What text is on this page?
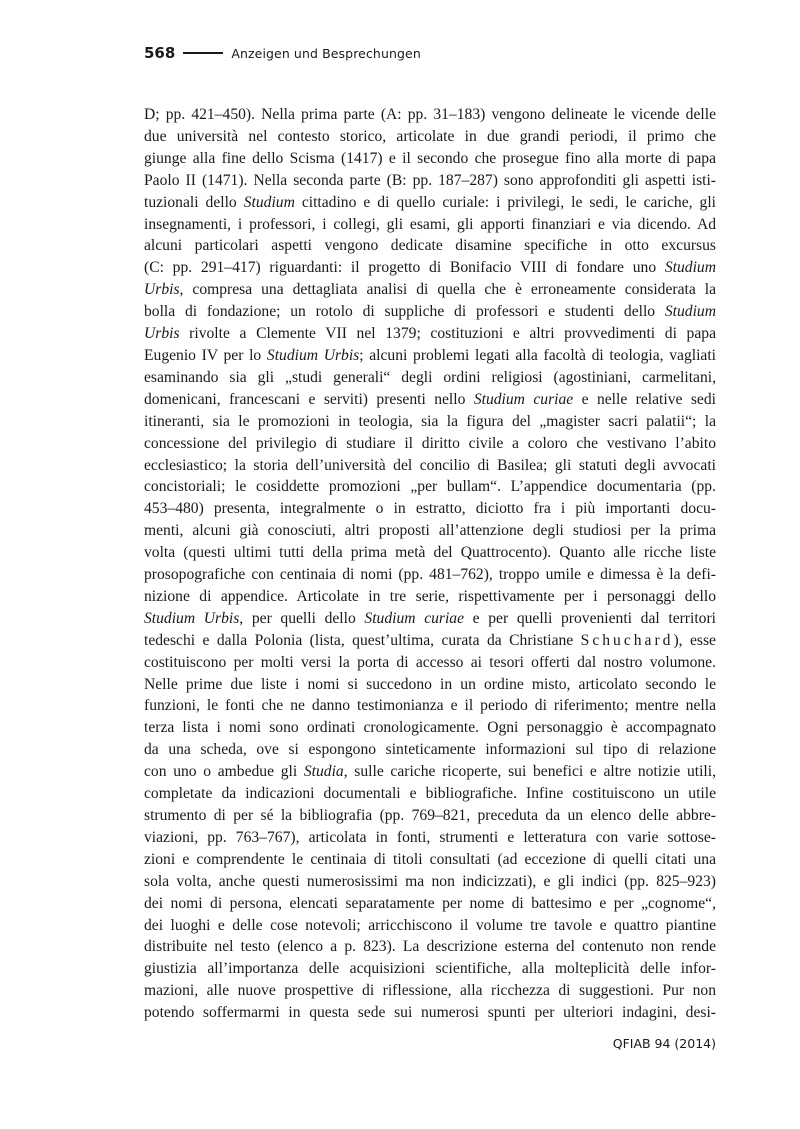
568	Anzeigen und Besprechungen
D; pp. 421–450). Nella prima parte (A: pp. 31–183) vengono delineate le vicende delle
due università nel contesto storico, articolate in due grandi periodi, il primo che
giunge alla fine dello Scisma (1417) e il secondo che prosegue fino alla morte di papa
Paolo II (1471). Nella seconda parte (B: pp. 187–287) sono approfonditi gli aspetti isti-
tuzionali dello Studium cittadino e di quello curiale: i privilegi, le sedi, le cariche, gli
insegnamenti, i professori, i collegi, gli esami, gli apporti finanziari e via dicendo. Ad
alcuni particolari aspetti vengono dedicate disamine specifiche in otto excursus
(C: pp. 291–417) riguardanti: il progetto di Bonifacio VIII di fondare uno Studium
Urbis, compresa una dettagliata analisi di quella che è erroneamente considerata la
bolla di fondazione; un rotolo di suppliche di professori e studenti dello Studium
Urbis rivolte a Clemente VII nel 1379; costituzioni e altri provvedimenti di papa
Eugenio IV per lo Studium Urbis; alcuni problemi legati alla facoltà di teologia, vagliati
esaminando sia gli „studi generali“ degli ordini religiosi (agostiniani, carmelitani,
domenicani, francescani e serviti) presenti nello Studium curiae e nelle relative sedi
itineranti, sia le promozioni in teologia, sia la figura del „magister sacri palatii“; la
concessione del privilegio di studiare il diritto civile a coloro che vestivano l’abito
ecclesiastico; la storia dell’università del concilio di Basilea; gli statuti degli avvocati
concistoriali; le cosiddette promozioni „per bullam“. L’appendice documentaria (pp.
453–480) presenta, integralmente o in estratto, diciotto fra i più importanti docu-
menti, alcuni già conosciuti, altri proposti all’attenzione degli studiosi per la prima
volta (questi ultimi tutti della prima metà del Quattrocento). Quanto alle ricche liste
prosopografiche con centinaia di nomi (pp. 481–762), troppo umile e dimessa è la defi-
nizione di appendice. Articolate in tre serie, rispettivamente per i personaggi dello
Studium Urbis, per quelli dello Studium curiae e per quelli provenienti dal territori
tedeschi e dalla Polonia (lista, quest’ultima, curata da Christiane Schuchard), esse
costituiscono per molti versi la porta di accesso ai tesori offerti dal nostro volumone.
Nelle prime due liste i nomi si succedono in un ordine misto, articolato secondo le
funzioni, le fonti che ne danno testimonianza e il periodo di riferimento; mentre nella
terza lista i nomi sono ordinati cronologicamente. Ogni personaggio è accompagnato
da una scheda, ove si espongono sinteticamente informazioni sul tipo di relazione
con uno o ambedue gli Studia, sulle cariche ricoperte, sui benefici e altre notizie utili,
completate da indicazioni documentali e bibliografiche. Infine costituiscono un utile
strumento di per sé la bibliografia (pp. 769–821, preceduta da un elenco delle abbre-
viazioni, pp. 763–767), articolata in fonti, strumenti e letteratura con varie sottose-
zioni e comprendente le centinaia di titoli consultati (ad eccezione di quelli citati una
sola volta, anche questi numerosissimi ma non indicizzati), e gli indici (pp. 825–923)
dei nomi di persona, elencati separatamente per nome di battesimo e per „cognome“,
dei luoghi e delle cose notevoli; arricchiscono il volume tre tavole e quattro piantine
distribuite nel testo (elenco a p. 823). La descrizione esterna del contenuto non rende
giustizia all’importanza delle acquisizioni scientifiche, alla molteplicità delle infor-
mazioni, alle nuove prospettive di riflessione, alla ricchezza di suggestioni. Pur non
potendo soffermarmi in questa sede sui numerosi spunti per ulteriori indagini, desi-
QFIAB 94 (2014)
